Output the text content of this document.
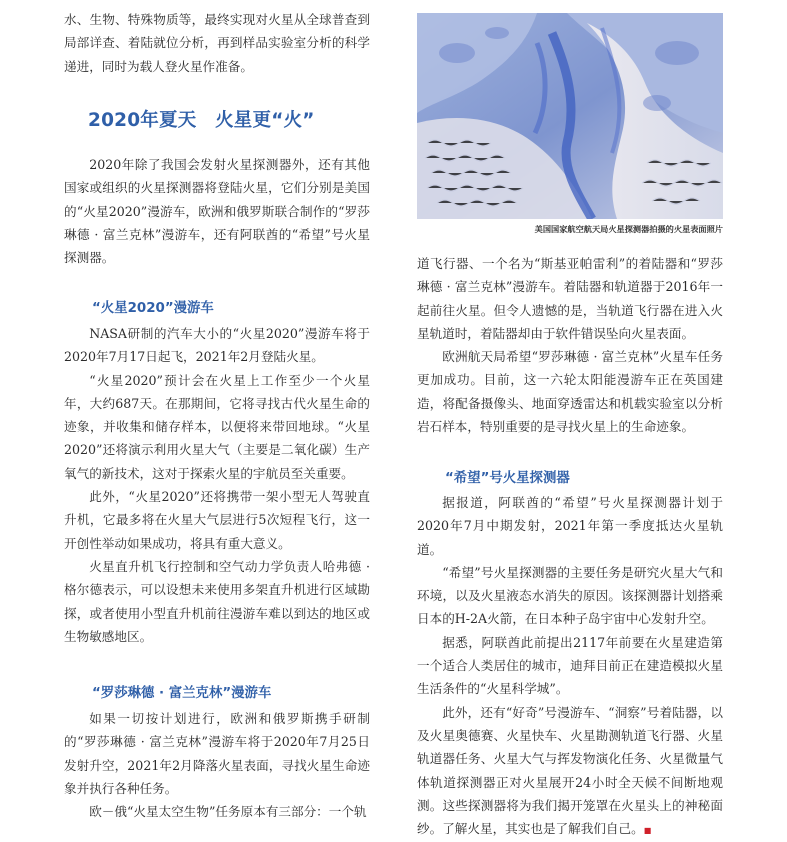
水、生物、特殊物质等，最终实现对火星从全球普查到局部详查、着陆就位分析，再到样品实验室分析的科学递进，同时为载人登火星作准备。

2020年夏天　火星更“火”

2020年除了我国会发射火星探测器外，还有其他国家或组织的火星探测器将登陆火星，它们分别是美国的“火星2020”漫游车，欧洲和俄罗斯联合制作的“罗莎琳德 · 富兰克林”漫游车，还有阿联酋的“希望”号火星探测器。

“火星2020”漫游车

NASA研制的汽车大小的“火星2020”漫游车将于2020年7月17日起飞，2021年2月登陆火星。

“火星2020”预计会在火星上工作至少一个火星年，大约687天。在那期间，它将寻找古代火星生命的迹象，并收集和储存样本，以便将来带回地球。“火星2020”还将演示利用火星大气（主要是二氧化碳）生产氧气的新技术，这对于探索火星的宇航员至关重要。

此外，“火星2020”还将携带一架小型无人驾驶直升机，它最多将在火星大气层进行5次短程飞行，这一开创性举动如果成功，将具有重大意义。

火星直升机飞行控制和空气动力学负责人哈弗德 · 格尔德表示，可以设想未来使用多架直升机进行区域勘探，或者使用小型直升机前往漫游车难以到达的地区或生物敏感地区。

“罗莎琳德 · 富兰克林”漫游车

如果一切按计划进行，欧洲和俄罗斯携手研制的“罗莎琳德 · 富兰克林”漫游车将于2020年7月25日发射升空，2021年2月降落火星表面，寻找火星生命迹象并执行各种任务。

欧－俄“火星太空生物”任务原本有三部分：一个轨

美国国家航空航天局火星探测器拍摄的火星表面照片

道飞行器、一个名为“斯基亚帕雷利”的着陆器和“罗莎琳德 · 富兰克林”漫游车。着陆器和轨道器于2016年一起前往火星。但令人遗憾的是，当轨道飞行器在进入火星轨道时，着陆器却由于软件错误坠向火星表面。

欧洲航天局希望“罗莎琳德 · 富兰克林”火星车任务更加成功。目前，这一六轮太阳能漫游车正在英国建造，将配备摄像头、地面穿透雷达和机载实验室以分析岩石样本，特别重要的是寻找火星上的生命迹象。

“希望”号火星探测器

据报道，阿联酋的“希望”号火星探测器计划于2020年7月中期发射，2021年第一季度抵达火星轨道。

“希望”号火星探测器的主要任务是研究火星大气和环境，以及火星液态水消失的原因。该探测器计划搭乘日本的H-2A火箭，在日本种子岛宇宙中心发射升空。

据悉，阿联酋此前提出2117年前要在火星建造第一个适合人类居住的城市，迪拜目前正在建造模拟火星生活条件的“火星科学城”。

此外，还有“好奇”号漫游车、“洞察”号着陆器，以及火星奥德赛、火星快车、火星勘测轨道飞行器、火星轨道器任务、火星大气与挥发物演化任务、火星微量气体轨道探测器正对火星展开24小时全天候不间断地观测。这些探测器将为我们揭开笼罩在火星头上的神秘面纱。了解火星，其实也是了解我们自己。■
